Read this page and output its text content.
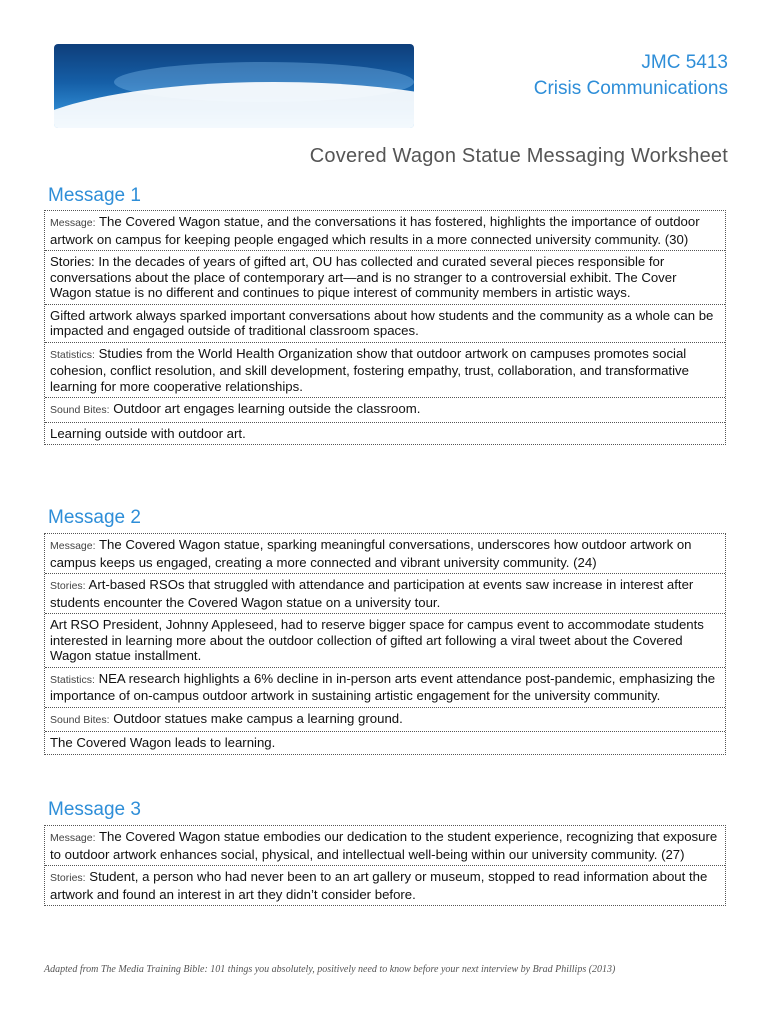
JMC 5413
Crisis Communications
Covered Wagon Statue Messaging Worksheet
Message 1
Message: The Covered Wagon statue, and the conversations it has fostered, highlights the importance of outdoor artwork on campus for keeping people engaged which results in a more connected university community. (30)
Stories: In the decades of years of gifted art, OU has collected and curated several pieces responsible for conversations about the place of contemporary art—and is no stranger to a controversial exhibit. The Cover Wagon statue is no different and continues to pique interest of community members in artistic ways.
Gifted artwork always sparked important conversations about how students and the community as a whole can be impacted and engaged outside of traditional classroom spaces.
Statistics: Studies from the World Health Organization show that outdoor artwork on campuses promotes social cohesion, conflict resolution, and skill development, fostering empathy, trust, collaboration, and transformative learning for more cooperative relationships.
Sound Bites: Outdoor art engages learning outside the classroom.
Learning outside with outdoor art.
Message 2
Message: The Covered Wagon statue, sparking meaningful conversations, underscores how outdoor artwork on campus keeps us engaged, creating a more connected and vibrant university community. (24)
Stories: Art-based RSOs that struggled with attendance and participation at events saw increase in interest after students encounter the Covered Wagon statue on a university tour.
Art RSO President, Johnny Appleseed, had to reserve bigger space for campus event to accommodate students interested in learning more about the outdoor collection of gifted art following a viral tweet about the Covered Wagon statue installment.
Statistics: NEA research highlights a 6% decline in in-person arts event attendance post-pandemic, emphasizing the importance of on-campus outdoor artwork in sustaining artistic engagement for the university community.
Sound Bites: Outdoor statues make campus a learning ground.
The Covered Wagon leads to learning.
Message 3
Message: The Covered Wagon statue embodies our dedication to the student experience, recognizing that exposure to outdoor artwork enhances social, physical, and intellectual well-being within our university community. (27)
Stories: Student, a person who had never been to an art gallery or museum, stopped to read information about the artwork and found an interest in art they didn’t consider before.
Adapted from The Media Training Bible: 101 things you absolutely, positively need to know before your next interview by Brad Phillips (2013)
